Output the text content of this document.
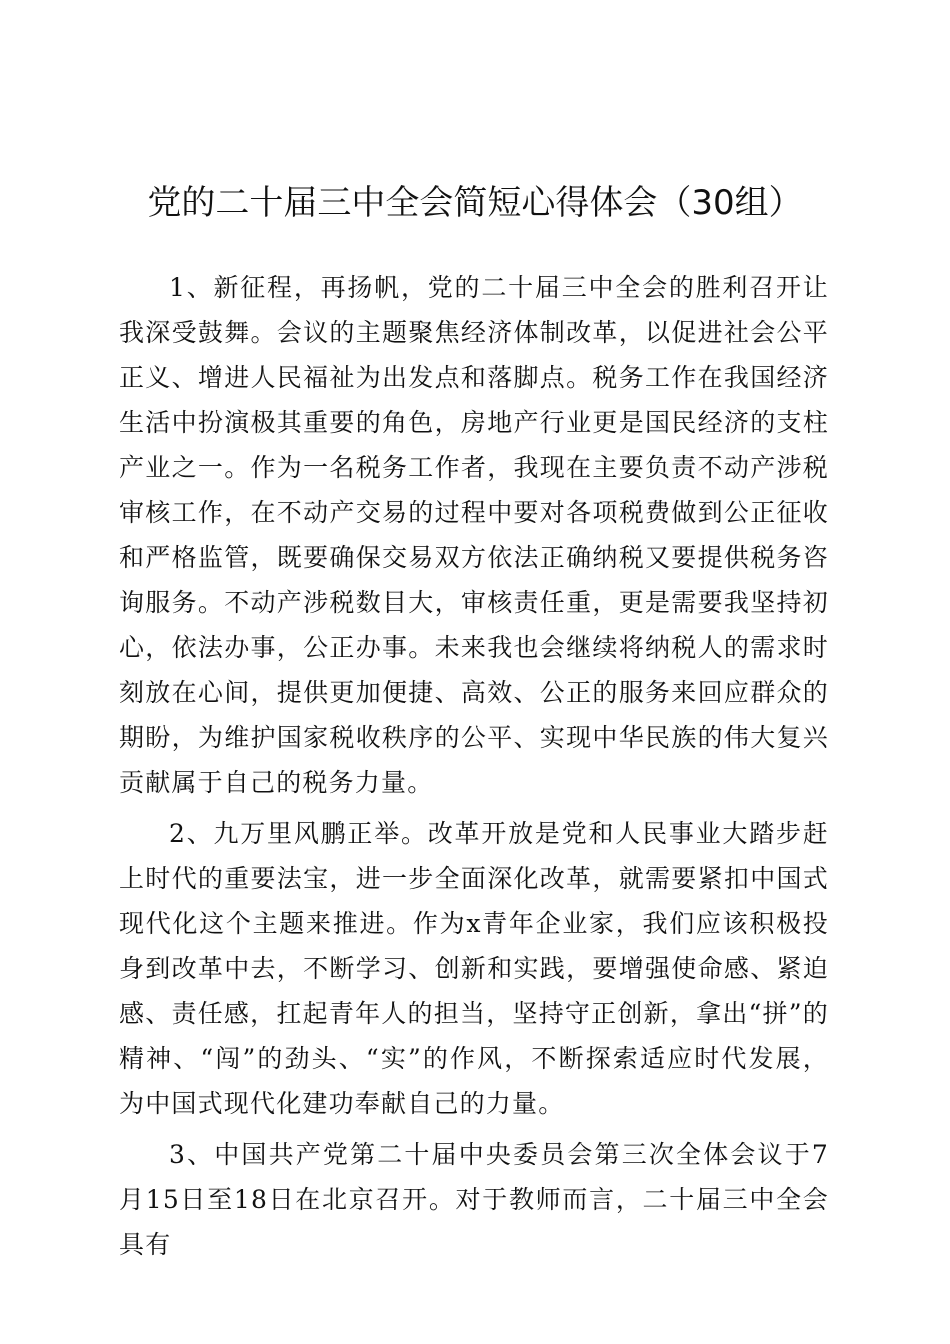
党的二十届三中全会简短心得体会（30组）

1、新征程，再扬帆，党的二十届三中全会的胜利召开让我深受鼓舞。会议的主题聚焦经济体制改革，以促进社会公平正义、增进人民福祉为出发点和落脚点。税务工作在我国经济生活中扮演极其重要的角色，房地产行业更是国民经济的支柱产业之一。作为一名税务工作者，我现在主要负责不动产涉税审核工作，在不动产交易的过程中要对各项税费做到公正征收和严格监管，既要确保交易双方依法正确纳税又要提供税务咨询服务。不动产涉税数目大，审核责任重，更是需要我坚持初心，依法办事，公正办事。未来我也会继续将纳税人的需求时刻放在心间，提供更加便捷、高效、公正的服务来回应群众的期盼，为维护国家税收秩序的公平、实现中华民族的伟大复兴贡献属于自己的税务力量。

2、九万里风鹏正举。改革开放是党和人民事业大踏步赶上时代的重要法宝，进一步全面深化改革，就需要紧扣中国式现代化这个主题来推进。作为x青年企业家，我们应该积极投身到改革中去，不断学习、创新和实践，要增强使命感、紧迫感、责任感，扛起青年人的担当，坚持守正创新，拿出“拼”的精神、“闯”的劲头、“实”的作风，不断探索适应时代发展，为中国式现代化建功奉献自己的力量。

3、中国共产党第二十届中央委员会第三次全体会议于7月15日至18日在北京召开。对于教师而言，二十届三中全会具有
